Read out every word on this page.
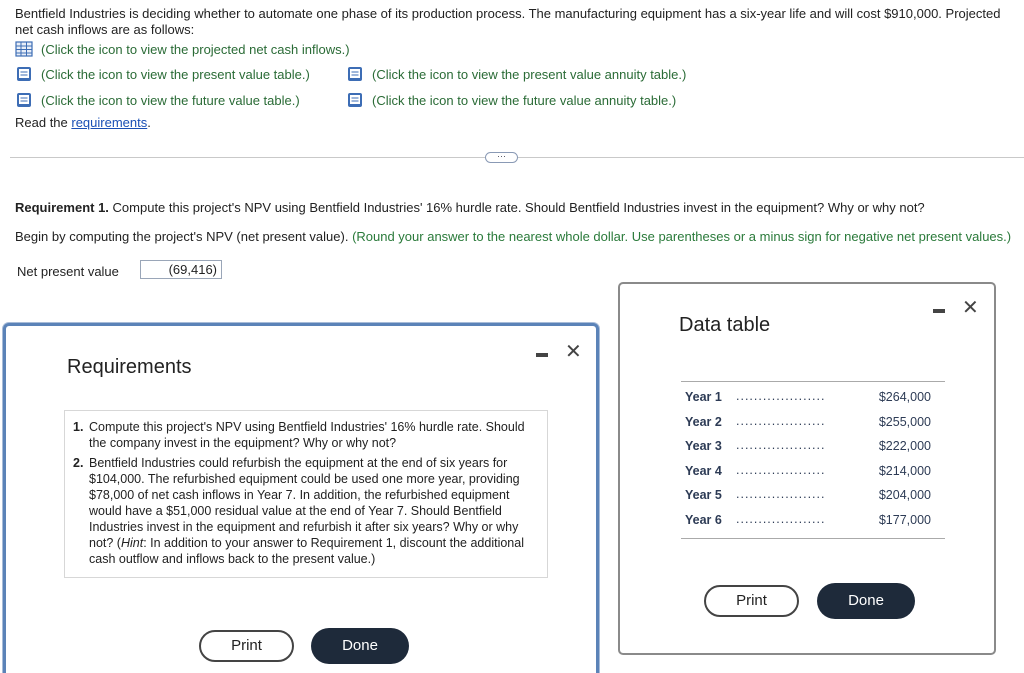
Bentfield Industries is deciding whether to automate one phase of its production process. The manufacturing equipment has a six-year life and will cost $910,000. Projected net cash inflows are as follows:
(Click the icon to view the projected net cash inflows.)
(Click the icon to view the present value table.)	(Click the icon to view the present value annuity table.)
(Click the icon to view the future value table.)	(Click the icon to view the future value annuity table.)
Read the requirements.
···
Requirement 1. Compute this project's NPV using Bentfield Industries' 16% hurdle rate. Should Bentfield Industries invest in the equipment? Why or why not?
Begin by computing the project's NPV (net present value). (Round your answer to the nearest whole dollar. Use parentheses or a minus sign for negative net present values.)
Net present value	(69,416)
Requirements
✕
1. Compute this project's NPV using Bentfield Industries' 16% hurdle rate. Should the company invest in the equipment? Why or why not?
2. Bentfield Industries could refurbish the equipment at the end of six years for $104,000. The refurbished equipment could be used one more year, providing $78,000 of net cash inflows in Year 7. In addition, the refurbished equipment would have a $51,000 residual value at the end of Year 7. Should Bentfield Industries invest in the equipment and refurbish it after six years? Why or why not? (Hint: In addition to your answer to Requirement 1, discount the additional cash outflow and inflows back to the present value.)
Print	Done
Data table
✕
Year 1 ....................	$264,000
Year 2 ....................	$255,000
Year 3 ....................	$222,000
Year 4 ....................	$214,000
Year 5 ....................	$204,000
Year 6 ....................	$177,000
Print	Done
